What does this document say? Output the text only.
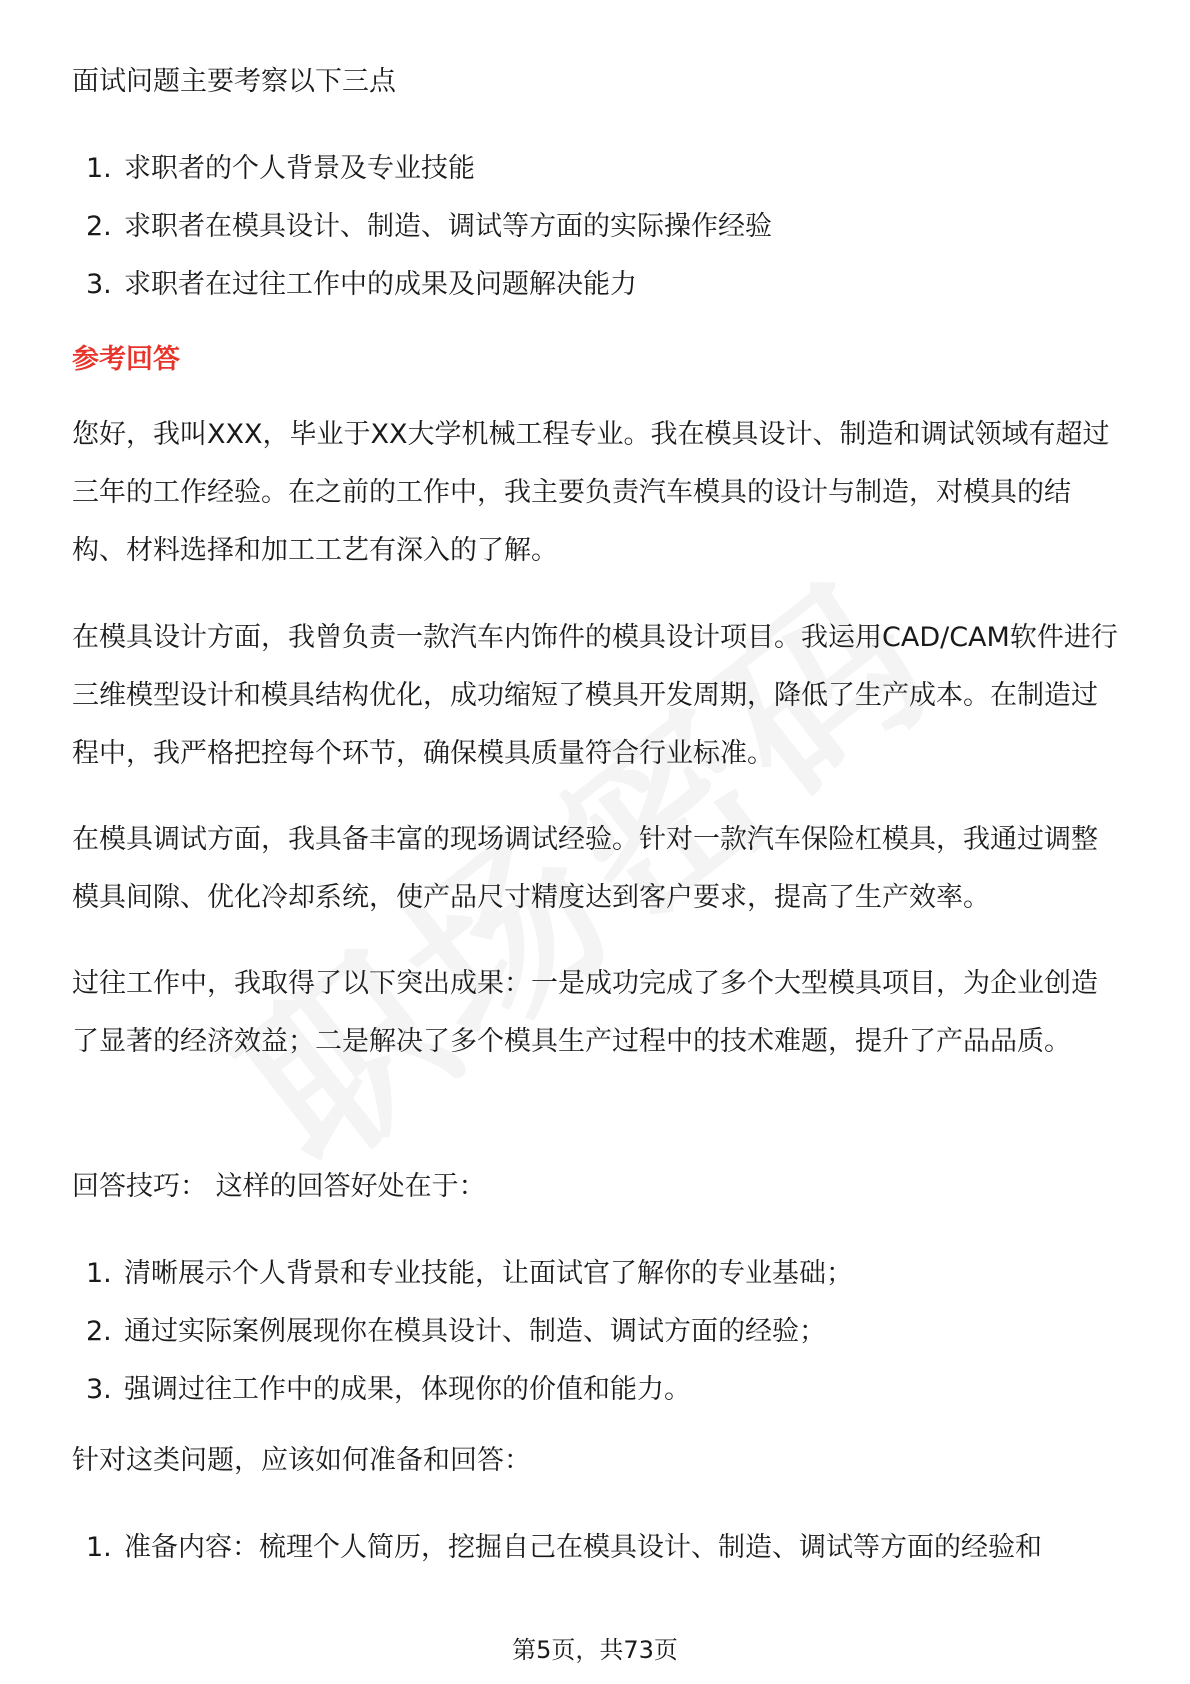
面试问题主要考察以下三点
1. 求职者的个人背景及专业技能
2. 求职者在模具设计、制造、调试等方面的实际操作经验
3. 求职者在过往工作中的成果及问题解决能力
参考回答

您好，我叫XXX，毕业于XX大学机械工程专业。我在模具设计、制造和调试领域有超过三年的工作经验。在之前的工作中，我主要负责汽车模具的设计与制造，对模具的结构、材料选择和加工工艺有深入的了解。

在模具设计方面，我曾负责一款汽车内饰件的模具设计项目。我运用CAD/CAM软件进行三维模型设计和模具结构优化，成功缩短了模具开发周期，降低了生产成本。在制造过程中，我严格把控每个环节，确保模具质量符合行业标准。

在模具调试方面，我具备丰富的现场调试经验。针对一款汽车保险杠模具，我通过调整模具间隙、优化冷却系统，使产品尺寸精度达到客户要求，提高了生产效率。

过往工作中，我取得了以下突出成果：一是成功完成了多个大型模具项目，为企业创造了显著的经济效益；二是解决了多个模具生产过程中的技术难题，提升了产品品质。

回答技巧： 这样的回答好处在于：
1. 清晰展示个人背景和专业技能，让面试官了解你的专业基础；
2. 通过实际案例展现你在模具设计、制造、调试方面的经验；
3. 强调过往工作中的成果，体现你的价值和能力。
针对这类问题，应该如何准备和回答：
1. 准备内容：梳理个人简历，挖掘自己在模具设计、制造、调试等方面的经验和
第5页，共73页
